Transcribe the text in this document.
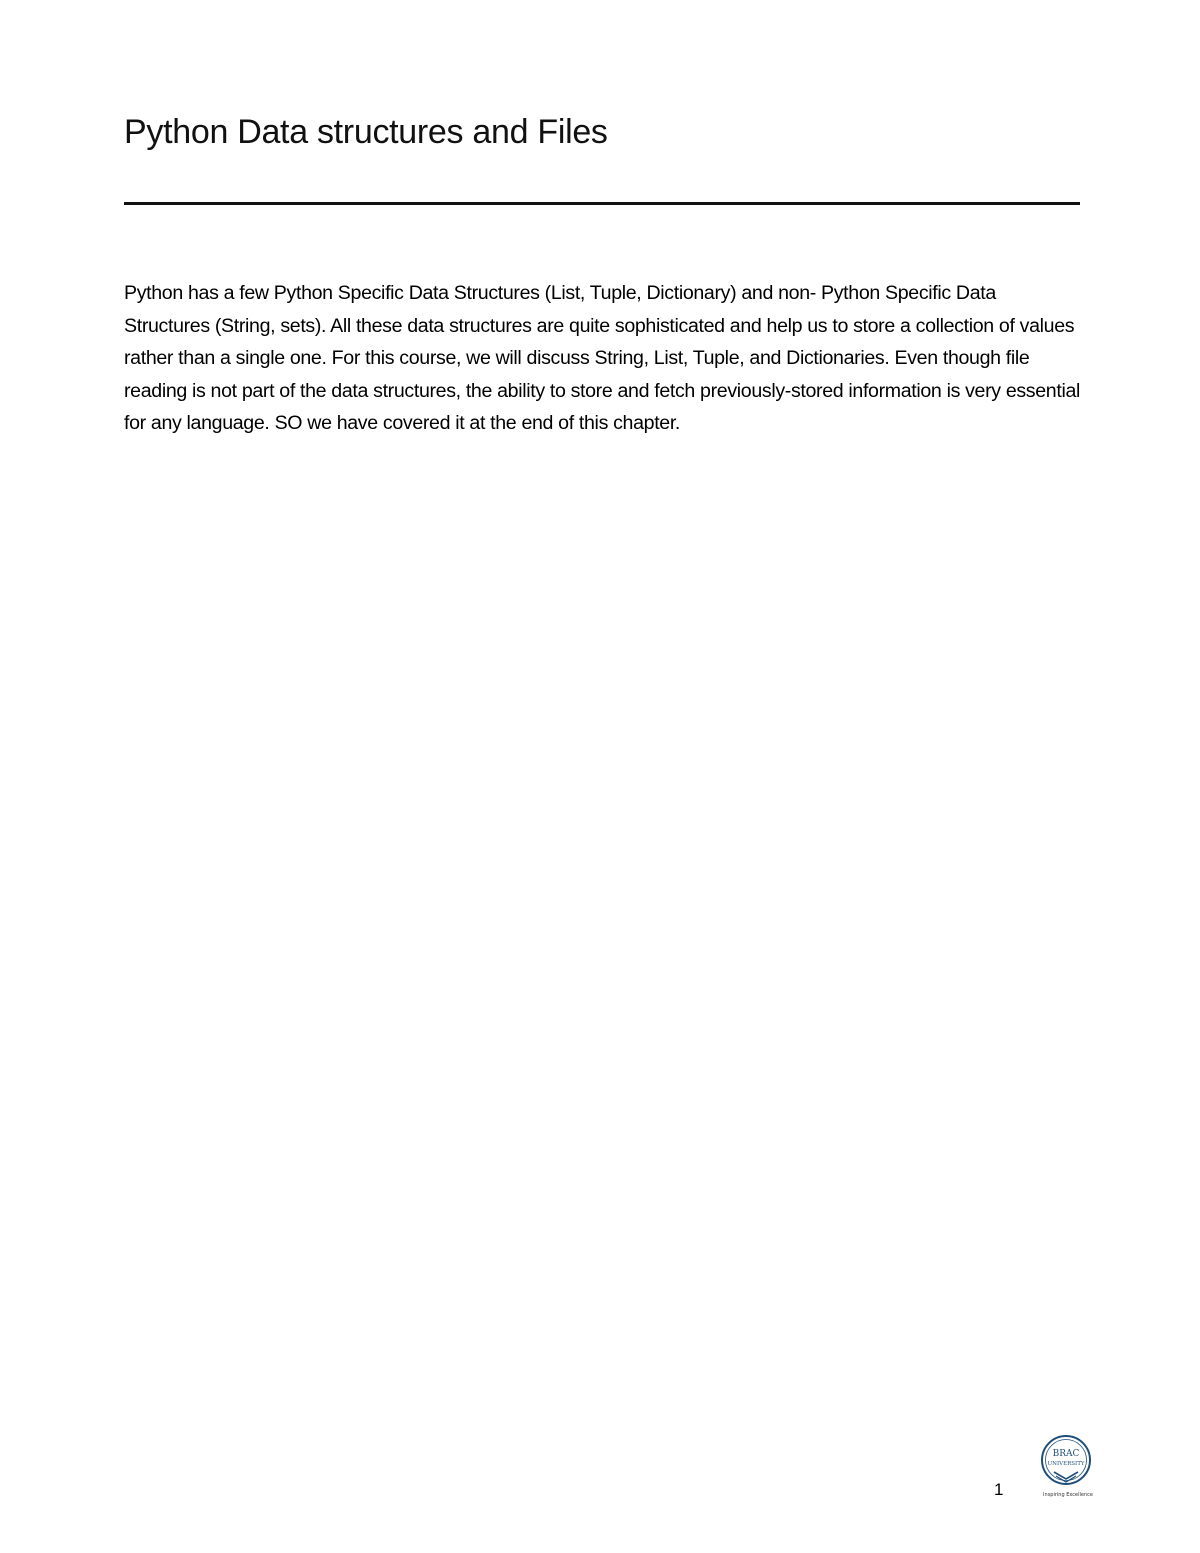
Python Data structures and Files

Python has a few Python Specific Data Structures (List, Tuple, Dictionary) and non- Python Specific Data Structures (String, sets). All these data structures are quite sophisticated and help us to store a collection of values rather than a single one. For this course, we will discuss String, List, Tuple, and Dictionaries. Even though file reading is not part of the data structures, the ability to store and fetch previously-stored information is very essential for any language. SO we have covered it at the end of this chapter.

1
BRAC
UNIVERSITY
Inspiring Excellence
